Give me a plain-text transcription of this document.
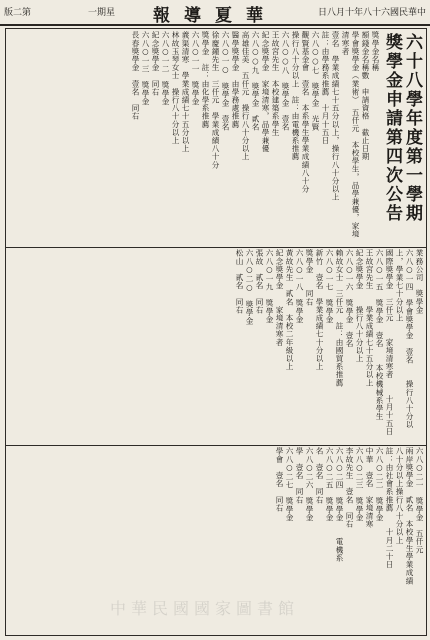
版二第	一期星 報導夏華	日八月十年八十六國民華中
六十八學年度第一學期
獎學金申請第四次公告
獎學金名稱
額錢金名稱數　申請資格　截止日期
學會獎學金（業術）　五仟元　本校學生，品學兼優，家境清寒者
壹名　學業成績七十五分以上，操行八十分以上
註：由學務系推薦　十月十五日
六八○○七　獎學金　光賢
觀賢基金會　壹名　本系學生學業成績八十分
操行八十分以上　註：由電機系推薦
六八○○八　獎學金　壹名
王故宮先生　本校建築系學生
紀念獎學金　家境清寒，品學兼優
六八○○九　獎學金　貳名
高雄佳美　五仟元　操行八十分以上
醫學獎學金　由學務處推薦
六八○一○　獎學金　壹名
徐慶鐘先生　三仟元　學業成績八十分
獎學金　註：由化學系推薦
六八○一一　獎學金
義渠清寒　學業成績七十五分以上
林故玉琴女士　操行八十分以上
六八○一二　獎學金
紀念獎學金　同右
六八○一三　獎學金
長春獎學金　壹名　同右
業務公司　獎學金
六八○一四　學會獎學金　壹名　　操行八十分以上，學業七十分以上
國際獎學金　三仟元　　家境清寒者　　十月十五日
六八○一五　獎學金　壹名　　本校機械系學生
王故宮先生　　學業成績七十五分以上
紀念獎學金　　操行八十分以上
六八○一六　獎學金　壹名
賴故女士　三仟元　註：由國貿系推薦
六八○一七　獎學金
新竹　壹名　學業成績七十分以上
獎學金　　同右
六八○一八　獎學金
黃故先生　貳名　本校二年級以上
紀念獎學金　　家境清寒者
六八○一九　獎學金
張故　貳名　同右
六八○二○　獎學金
松山　貳名　同右
六八○二一　獎學金　五仟元
兩岸獎學金　貳名　本校學生學業成績
八十分以上操行八十分以上
註：由社會系推薦　　十月二十日
六八○二二　獎學金
中華　壹名　家境清寒
六八○二三　獎學金
李故先生　壹名　同右
六八○二四　獎學金　　電機系
六八○二五　獎學金
名　壹名　同右
六八○二六　獎學金
學　壹名　同右
六八○二七　獎學金
學會　壹名　同右
中華民國國家圖書館
